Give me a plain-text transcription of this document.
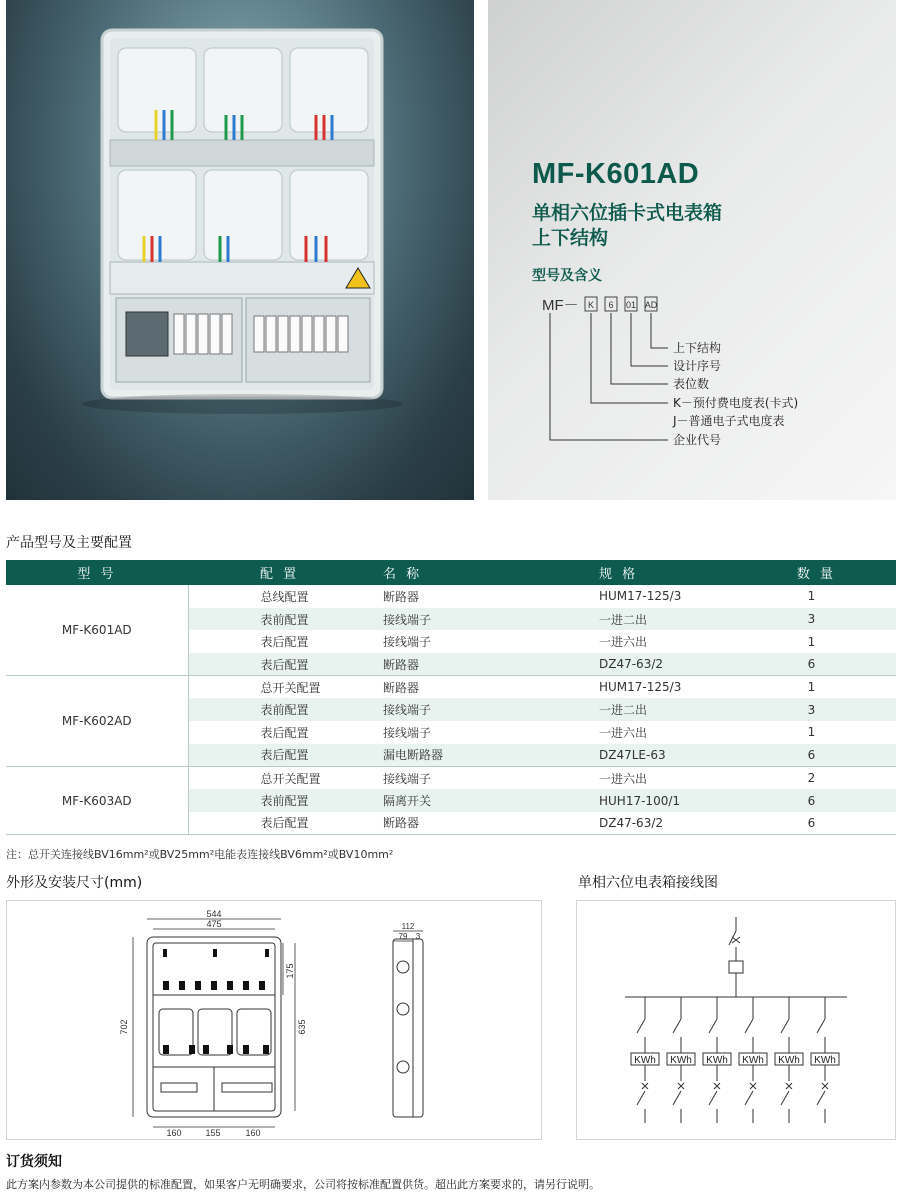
MF-K601AD
单相六位插卡式电表箱
上下结构
型号及含义
MF－ K 6 01 AD
上下结构
设计序号
表位数
K－预付费电度表(卡式)
J－普通电子式电度表
企业代号
产品型号及主要配置
型 号	配 置	名 称	规 格	数 量
MF-K601AD	总线配置	断路器	HUM17-125/3	1
	表前配置	接线端子	一进二出	3
	表后配置	接线端子	一进六出	1
	表后配置	断路器	DZ47-63/2	6
MF-K602AD	总开关配置	断路器	HUM17-125/3	1
	表前配置	接线端子	一进二出	3
	表后配置	接线端子	一进六出	1
	表后配置	漏电断路器	DZ47LE-63	6
MF-K603AD	总开关配置	接线端子	一进六出	2
	表前配置	隔离开关	HUH17-100/1	6
	表后配置	断路器	DZ47-63/2	6
注：总开关连接线BV16mm²或BV25mm²电能表连接线BV6mm²或BV10mm²
外形及安装尺寸(mm)
544
475
702	635
175
160	155	160
112
79 3
单相六位电表箱接线图
KWh KWh KWh KWh KWh KWh
订货须知
此方案内参数为本公司提供的标准配置，如果客户无明确要求，公司将按标准配置供货。超出此方案要求的，请另行说明。
